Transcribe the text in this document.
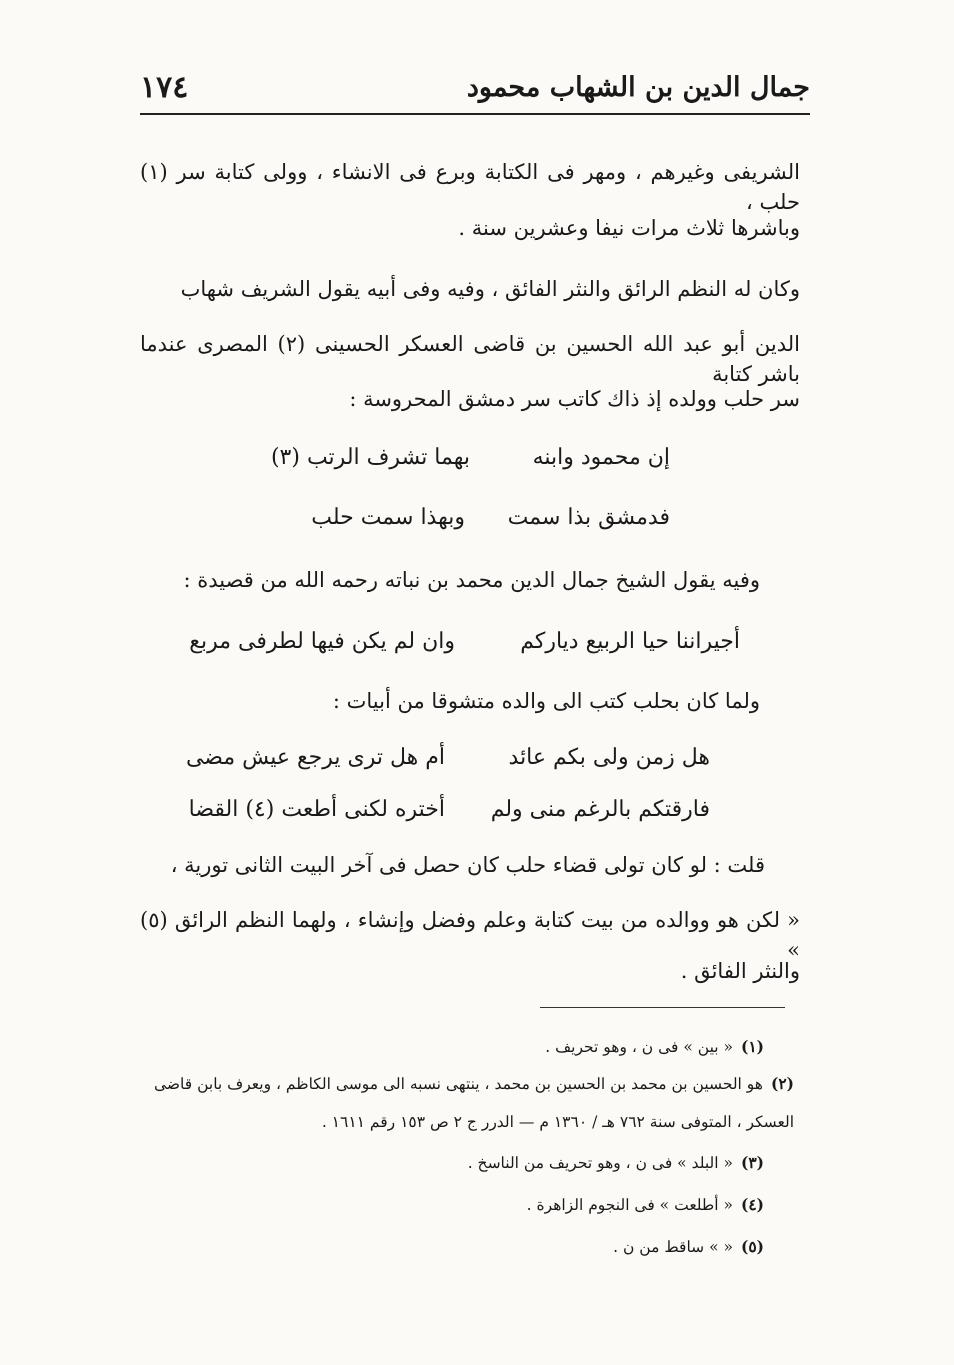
جمال الدين بن الشهاب محمود
١٧٤
الشريفى وغيرهم ، ومهر فى الكتابة وبرع فى الانشاء ، وولى كتابة سر (١) حلب ،
وباشرها ثلاث مرات نيفا وعشرين سنة .
وكان له النظم الرائق والنثر الفائق ، وفيه وفى أبيه يقول الشريف شهاب
الدين أبو عبد الله الحسين بن قاضى العسكر الحسينى (٢) المصرى عندما باشر كتابة
سر حلب وولده إذ ذاك كاتب سر دمشق المحروسة :
إن محمود وابنه
بهما تشرف الرتب (٣)
فدمشق بذا سمت
وبهذا سمت حلب
وفيه يقول الشيخ جمال الدين محمد بن نباته رحمه الله من قصيدة :
أجيراننا حيا الربيع دياركم
وان لم يكن فيها لطرفى مربع
ولما كان بحلب كتب الى والده متشوقا من أبيات :
هل زمن ولى بكم عائد
أم هل ترى يرجع عيش مضى
فارقتكم بالرغم منى ولم
أختره لكنى أطعت (٤) القضا
قلت : لو كان تولى قضاء حلب كان حصل فى آخر البيت الثانى تورية ،
« لكن هو ووالده من بيت كتابة وعلم وفضل وإنشاء ، ولهما النظم الرائق (٥) »
والنثر الفائق .
(١)« بين » فى ن ، وهو تحريف .
(٢)هو الحسين بن محمد بن الحسين بن محمد ، ينتهى نسبه الى موسى الكاظم ، ويعرف بابن قاضى
العسكر ، المتوفى سنة ٧٦٢ هـ / ١٣٦٠ م — الدرر ج ٢ ص ١٥٣ رقم ١٦١١ .
(٣)« البلد » فى ن ، وهو تحريف من الناسخ .
(٤)« أطلعت » فى النجوم الزاهرة .
(٥)« » ساقط من ن .
